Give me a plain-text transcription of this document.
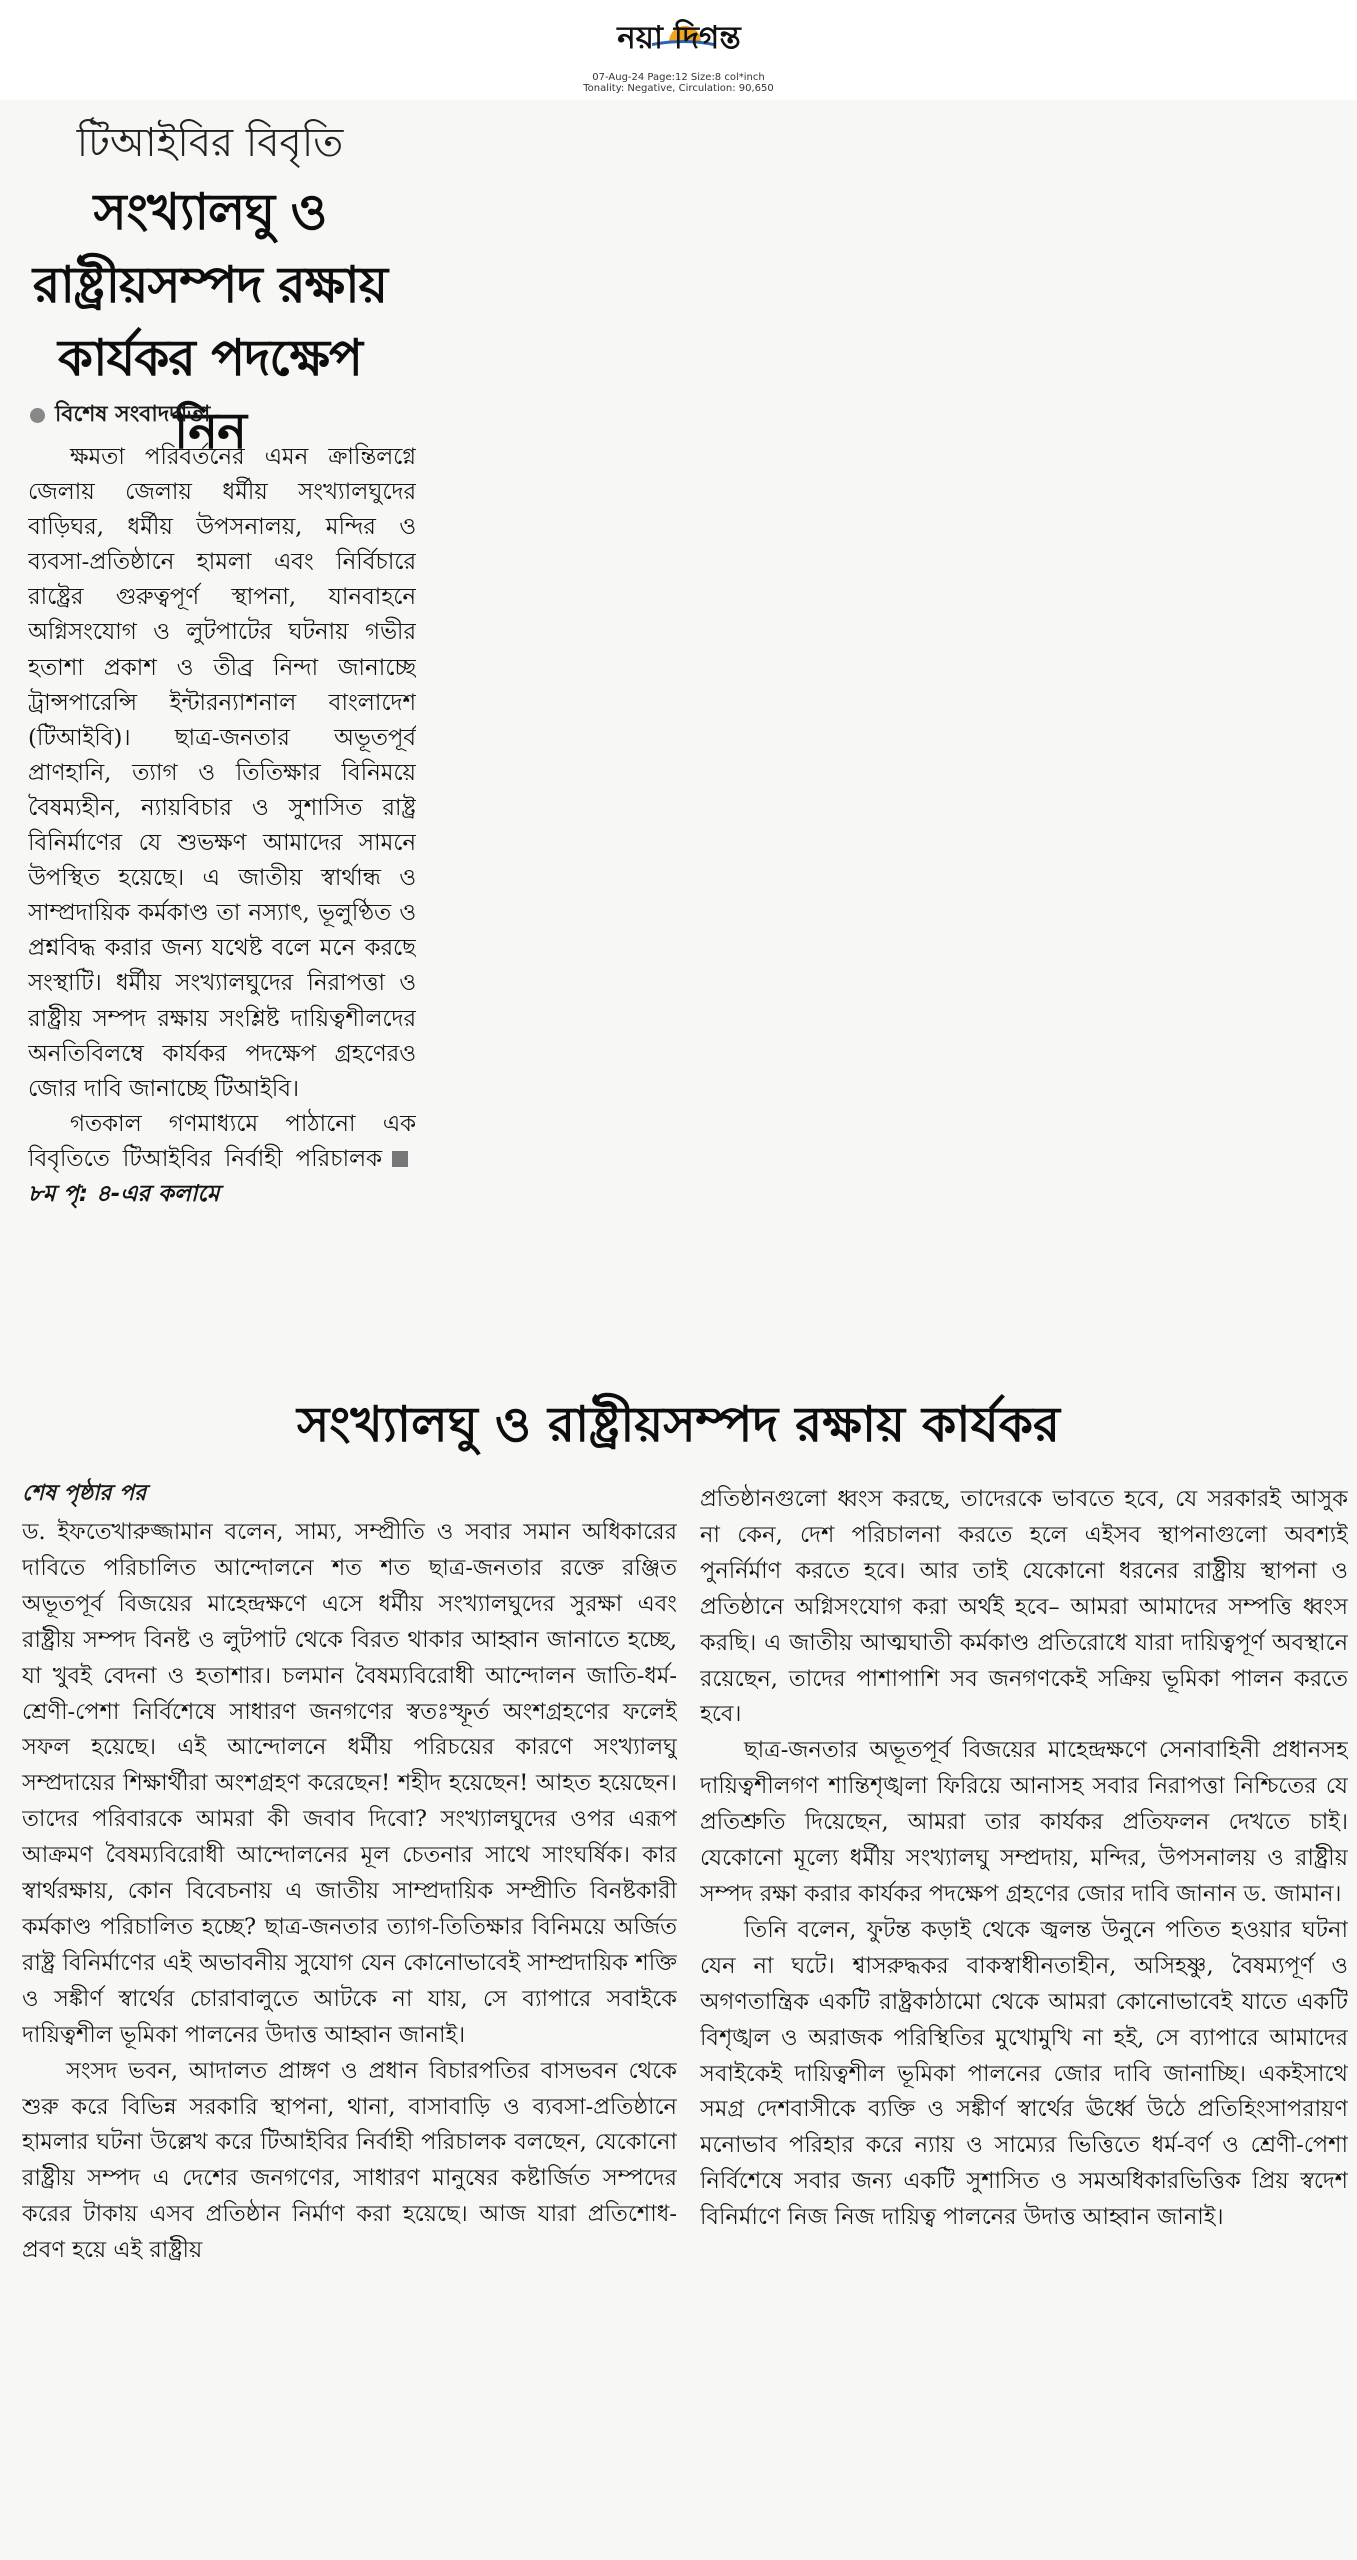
নয়া দিগন্ত
07-Aug-24 Page:12 Size:8 col*inch
Tonality: Negative, Circulation: 90,650
টিআইবির বিবৃতি
সংখ্যালঘু ও রাষ্ট্রীয়সম্পদ রক্ষায় কার্যকর পদক্ষেপ নিন
বিশেষ সংবাদদাতা

ক্ষমতা পরিবর্তনের এমন ক্রান্তিলগ্নে জেলায় জেলায় ধর্মীয় সংখ্যালঘুদের বাড়িঘর, ধর্মীয় উপসনালয়, মন্দির ও ব্যবসা-প্রতিষ্ঠানে হামলা এবং নির্বিচারে রাষ্ট্রের গুরুত্বপূর্ণ স্থাপনা, যানবাহনে অগ্নিসংযোগ ও লুটপাটের ঘটনায় গভীর হতাশা প্রকাশ ও তীব্র নিন্দা জানাচ্ছে ট্রান্সপারেন্সি ইন্টারন্যাশনাল বাংলাদেশ (টিআইবি)। ছাত্র-জনতার অভূতপূর্ব প্রাণহানি, ত্যাগ ও তিতিক্ষার বিনিময়ে বৈষম্যহীন, ন্যায়বিচার ও সুশাসিত রাষ্ট্র বিনির্মাণের যে শুভক্ষণ আমাদের সামনে উপস্থিত হয়েছে। এ জাতীয় স্বার্থান্ধ ও সাম্প্রদায়িক কর্মকাণ্ড তা নস্যাৎ, ভূলুণ্ঠিত ও প্রশ্নবিদ্ধ করার জন্য যথেষ্ট বলে মনে করছে সংস্থাটি। ধর্মীয় সংখ্যালঘুদের নিরাপত্তা ও রাষ্ট্রীয় সম্পদ রক্ষায় সংশ্লিষ্ট দায়িত্বশীলদের অনতিবিলম্বে কার্যকর পদক্ষেপ গ্রহণেরও জোর দাবি জানাচ্ছে টিআইবি।

গতকাল গণমাধ্যমে পাঠানো এক বিবৃতিতে টিআইবির নির্বাহী পরিচালক৮ম পৃ: ৪-এর কলামে

সংখ্যালঘু ও রাষ্ট্রীয়সম্পদ রক্ষায় কার্যকর
শেষ পৃষ্ঠার পর

ড. ইফতেখারুজ্জামান বলেন, সাম্য, সম্প্রীতি ও সবার সমান অধিকারের দাবিতে পরিচালিত আন্দোলনে শত শত ছাত্র-জনতার রক্তে রঞ্জিত অভূতপূর্ব বিজয়ের মাহেন্দ্রক্ষণে এসে ধর্মীয় সংখ্যালঘুদের সুরক্ষা এবং রাষ্ট্রীয় সম্পদ বিনষ্ট ও লুটপাট থেকে বিরত থাকার আহ্বান জানাতে হচ্ছে, যা খুবই বেদনা ও হতাশার। চলমান বৈষম্যবিরোধী আন্দোলন জাতি-ধর্ম-শ্রেণী-পেশা নির্বিশেষে সাধারণ জনগণের স্বতঃস্ফূর্ত অংশগ্রহণের ফলেই সফল হয়েছে। এই আন্দোলনে ধর্মীয় পরিচয়ের কারণে সংখ্যালঘু সম্প্রদায়ের শিক্ষার্থীরা অংশগ্রহণ করেছেন! শহীদ হয়েছেন! আহত হয়েছেন। তাদের পরিবারকে আমরা কী জবাব দিবো? সংখ্যালঘুদের ওপর এরূপ আক্রমণ বৈষম্যবিরোধী আন্দোলনের মূল চেতনার সাথে সাংঘর্ষিক। কার স্বার্থরক্ষায়, কোন বিবেচনায় এ জাতীয় সাম্প্রদায়িক সম্প্রীতি বিনষ্টকারী কর্মকাণ্ড পরিচালিত হচ্ছে? ছাত্র-জনতার ত্যাগ-তিতিক্ষার বিনিময়ে অর্জিত রাষ্ট্র বিনির্মাণের এই অভাবনীয় সুযোগ যেন কোনোভাবেই সাম্প্রদায়িক শক্তি ও সঙ্কীর্ণ স্বার্থের চোরাবালুতে আটকে না যায়, সে ব্যাপারে সবাইকে দায়িত্বশীল ভূমিকা পালনের উদাত্ত আহ্বান জানাই।

সংসদ ভবন, আদালত প্রাঙ্গণ ও প্রধান বিচারপতির বাসভবন থেকে শুরু করে বিভিন্ন সরকারি স্থাপনা, থানা, বাসাবাড়ি ও ব্যবসা-প্রতিষ্ঠানে হামলার ঘটনা উল্লেখ করে টিআইবির নির্বাহী পরিচালক বলছেন, যেকোনো রাষ্ট্রীয় সম্পদ এ দেশের জনগণের, সাধারণ মানুষের কষ্টার্জিত সম্পদের করের টাকায় এসব প্রতিষ্ঠান নির্মাণ করা হয়েছে। আজ যারা প্রতিশোধ-প্রবণ হয়ে এই রাষ্ট্রীয়

প্রতিষ্ঠানগুলো ধ্বংস করছে, তাদেরকে ভাবতে হবে, যে সরকারই আসুক না কেন, দেশ পরিচালনা করতে হলে এইসব স্থাপনাগুলো অবশ্যই পুনর্নির্মাণ করতে হবে। আর তাই যেকোনো ধরনের রাষ্ট্রীয় স্থাপনা ও প্রতিষ্ঠানে অগ্নিসংযোগ করা অর্থই হবে– আমরা আমাদের সম্পত্তি ধ্বংস করছি। এ জাতীয় আত্মঘাতী কর্মকাণ্ড প্রতিরোধে যারা দায়িত্বপূর্ণ অবস্থানে রয়েছেন, তাদের পাশাপাশি সব জনগণকেই সক্রিয় ভূমিকা পালন করতে হবে।

ছাত্র-জনতার অভূতপূর্ব বিজয়ের মাহেন্দ্রক্ষণে সেনাবাহিনী প্রধানসহ দায়িত্বশীলগণ শান্তিশৃঙ্খলা ফিরিয়ে আনাসহ সবার নিরাপত্তা নিশ্চিতের যে প্রতিশ্রুতি দিয়েছেন, আমরা তার কার্যকর প্রতিফলন দেখতে চাই। যেকোনো মূল্যে ধর্মীয় সংখ্যালঘু সম্প্রদায়, মন্দির, উপসনালয় ও রাষ্ট্রীয় সম্পদ রক্ষা করার কার্যকর পদক্ষেপ গ্রহণের জোর দাবি জানান ড. জামান।

তিনি বলেন, ফুটন্ত কড়াই থেকে জ্বলন্ত উনুনে পতিত হওয়ার ঘটনা যেন না ঘটে। শ্বাসরুদ্ধকর বাকস্বাধীনতাহীন, অসিহষ্ণু, বৈষম্যপূর্ণ ও অগণতান্ত্রিক একটি রাষ্ট্রকাঠামো থেকে আমরা কোনোভাবেই যাতে একটি বিশৃঙ্খল ও অরাজক পরিস্থিতির মুখোমুখি না হই, সে ব্যাপারে আমাদের সবাইকেই দায়িত্বশীল ভূমিকা পালনের জোর দাবি জানাচ্ছি। একইসাথে সমগ্র দেশবাসীকে ব্যক্তি ও সঙ্কীর্ণ স্বার্থের ঊর্ধ্বে উঠে প্রতিহিংসাপরায়ণ মনোভাব পরিহার করে ন্যায় ও সাম্যের ভিত্তিতে ধর্ম-বর্ণ ও শ্রেণী-পেশা নির্বিশেষে সবার জন্য একটি সুশাসিত ও সমঅধিকারভিত্তিক প্রিয় স্বদেশ বিনির্মাণে নিজ নিজ দায়িত্ব পালনের উদাত্ত আহ্বান জানাই।
